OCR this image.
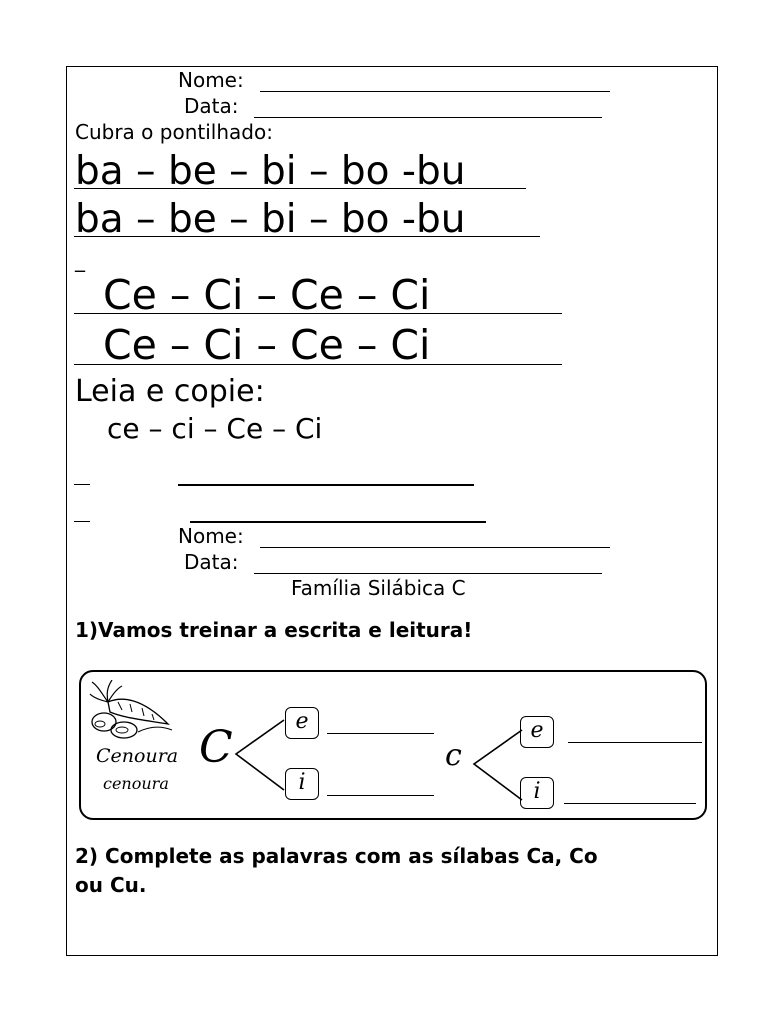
Nome:
Data:
Cubra o pontilhado:
ba – be – bi – bo -bu
ba – be – bi – bo -bu
_
Ce – Ci – Ce – Ci
Ce – Ci – Ce – Ci
Leia e copie:
ce – ci – Ce – Ci
Nome:
Data:
Família Silábica C
1)Vamos treinar a escrita e leitura!
Cenoura
cenoura
C
e
i
c
e
i
2) Complete as palavras com as sílabas Ca, Co
ou Cu.
